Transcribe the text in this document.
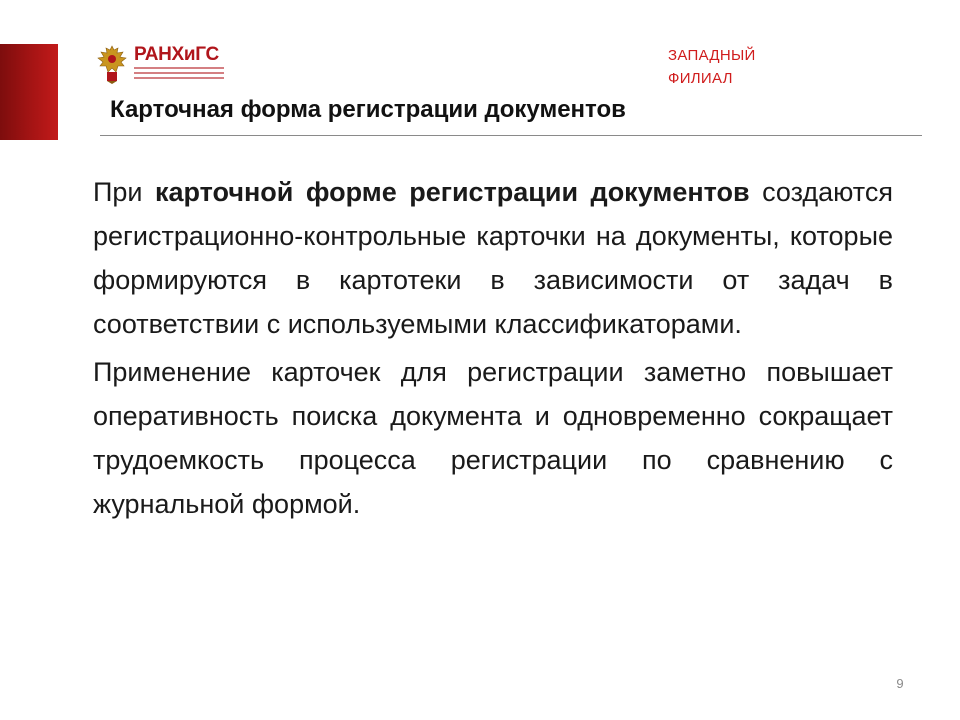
РАНХиГС	ЗАПАДНЫЙ
ФИЛИАЛ
Карточная форма регистрации документов

При карточной форме регистрации документов создаются регистрационно-контрольные карточки на документы, которые формируются в картотеки в зависимости от задач в соответствии с используемыми классификаторами.

Применение карточек для регистрации заметно повышает оперативность поиска документа и одновременно сокращает трудоемкость процесса регистрации по сравнению с журнальной формой.

9
